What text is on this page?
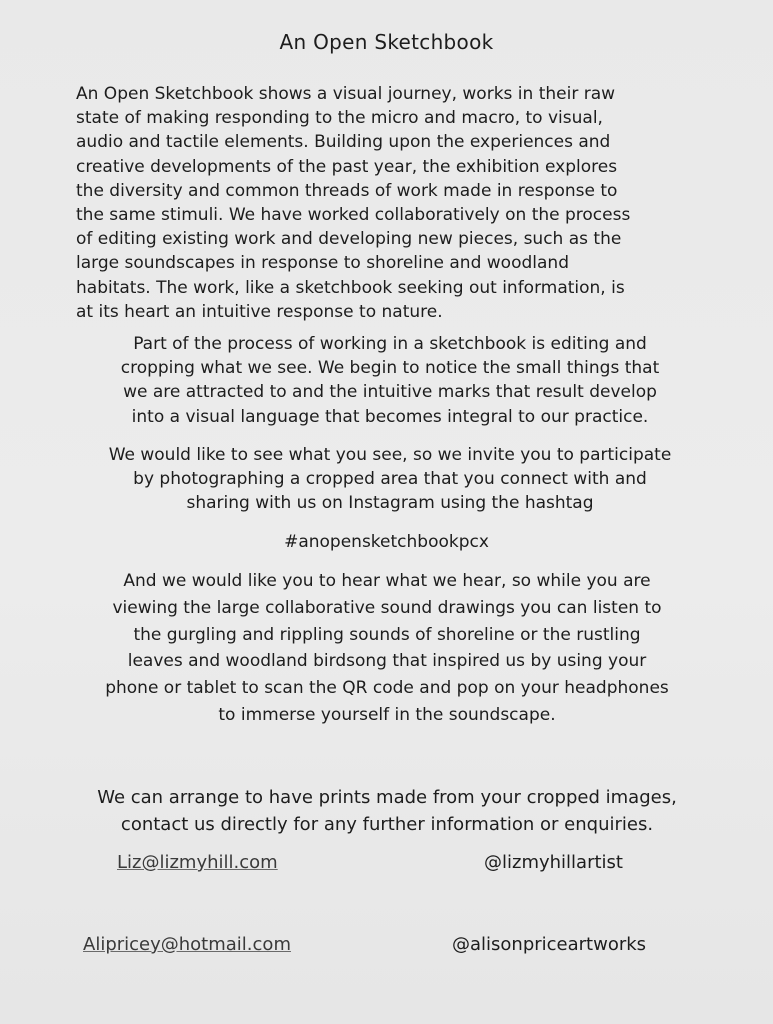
An Open Sketchbook

An Open Sketchbook shows a visual journey, works in their raw
state of making responding to the micro and macro, to visual,
audio and tactile elements. Building upon the experiences and
creative developments of the past year, the exhibition explores
the diversity and common threads of work made in response to
the same stimuli. We have worked collaboratively on the process
of editing existing work and developing new pieces, such as the
large soundscapes in response to shoreline and woodland
habitats. The work, like a sketchbook seeking out information, is
at its heart an intuitive response to nature.

Part of the process of working in a sketchbook is editing and
cropping what we see. We begin to notice the small things that
we are attracted to and the intuitive marks that result develop
into a visual language that becomes integral to our practice.

We would like to see what you see, so we invite you to participate
by photographing a cropped area that you connect with and
sharing with us on Instagram using the hashtag

#anopensketchbookpcx

And we would like you to hear what we hear, so while you are
viewing the large collaborative sound drawings you can listen to
the gurgling and rippling sounds of shoreline or the rustling
leaves and woodland birdsong that inspired us by using your
phone or tablet to scan the QR code and pop on your headphones
to immerse yourself in the soundscape.

We can arrange to have prints made from your cropped images,
contact us directly for any further information or enquiries.

Liz@lizmyhill.com	@lizmyhillartist
Alipricey@hotmail.com	@alisonpriceartworks
